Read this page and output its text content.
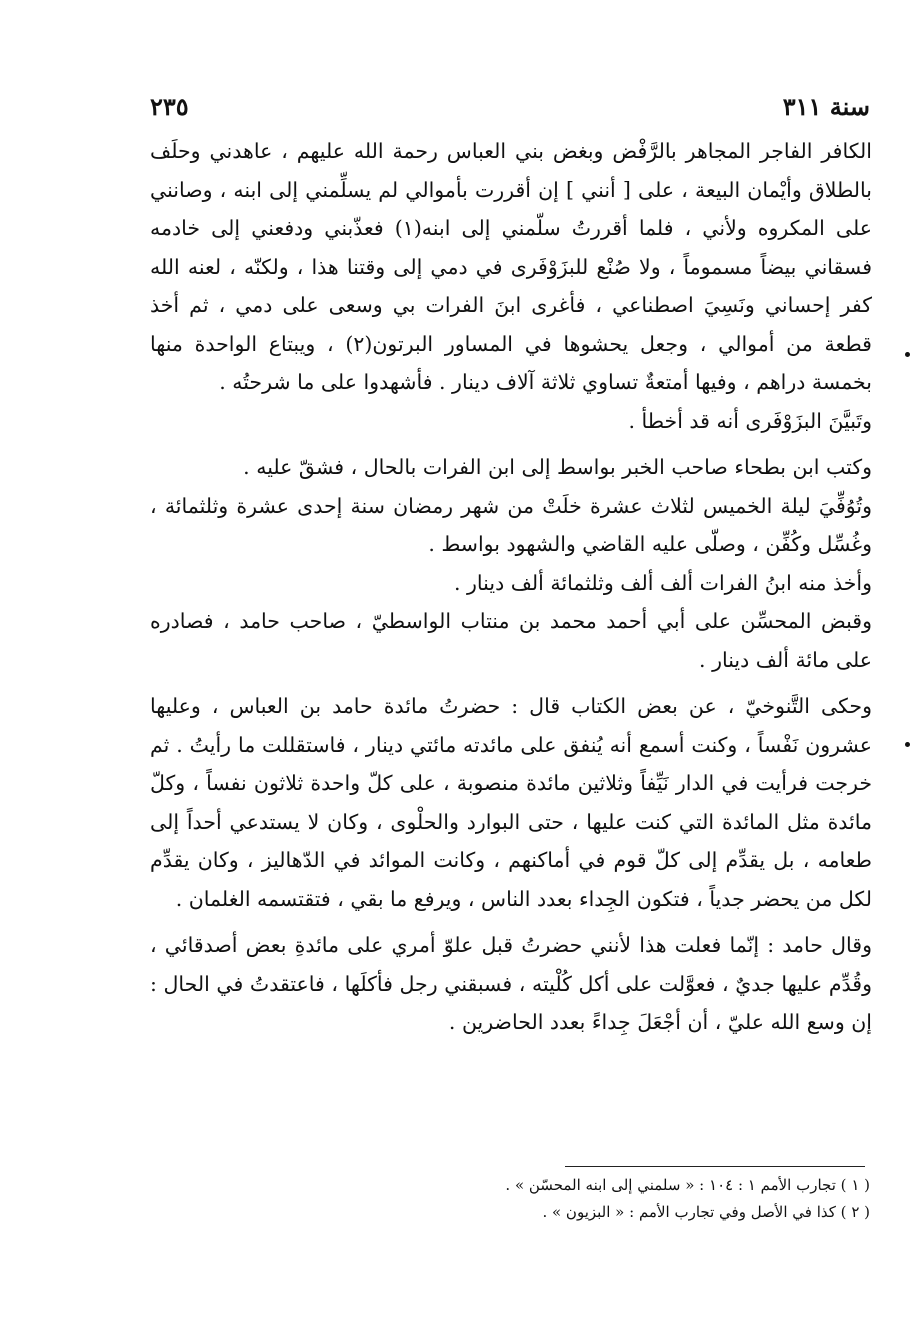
سنة ٣١١
٢٣٥

الكافر الفاجر المجاهر بالرَّفْض وبغض بني العباس رحمة الله عليهم ، عاهدني وحلَف بالطلاق وأيْمان البيعة ، على [ أنني ] إن أقررت بأموالي لم يسلِّمني إلى ابنه ، وصانني على المكروه ولأني ، فلما أقررتُ سلّمني إلى ابنه(١) فعذّبني ودفعني إلى خادمه فسقاني بيضاً مسموماً ، ولا صُنْع للبزَوْفَرى في دمي إلى وقتنا هذا ، ولكنّه ، لعنه الله كفر إحساني ونَسِيَ اصطناعي ، فأغرى ابنَ الفرات بي وسعى على دمي ، ثم أخذ قطعة من أموالي ، وجعل يحشوها في المساور البرتون(٢) ، ويبتاع الواحدة منها بخمسة دراهم ، وفيها أمتعةٌ تساوي ثلاثة آلاف دينار . فأشهدوا على ما شرحتُه .

وتَبيَّنَ البزَوْفَرى أنه قد أخطأ .

وكتب ابن بطحاء صاحب الخبر بواسط إلى ابن الفرات بالحال ، فشقّ عليه .

وتُوُفِّيَ ليلة الخميس لثلاث عشرة خلَتْ من شهر رمضان سنة إحدى عشرة وثلثمائة ، وغُسِّل وكُفِّن ، وصلّى عليه القاضي والشهود بواسط .

وأخذ منه ابنُ الفرات ألف ألف وثلثمائة ألف دينار .

وقبض المحسِّن على أبي أحمد محمد بن منتاب الواسطيّ ، صاحب حامد ، فصادره على مائة ألف دينار .

وحكى التَّنوخيّ ، عن بعض الكتاب قال : حضرتُ مائدة حامد بن العباس ، وعليها عشرون نَفْساً ، وكنت أسمع أنه يُنفق على مائدته مائتي دينار ، فاستقللت ما رأيتُ . ثم خرجت فرأيت في الدار نَيِّفاً وثلاثين مائدة منصوبة ، على كلّ واحدة ثلاثون نفساً ، وكلّ مائدة مثل المائدة التي كنت عليها ، حتى البوارد والحلْوى ، وكان لا يستدعي أحداً إلى طعامه ، بل يقدِّم إلى كلّ قوم في أماكنهم ، وكانت الموائد في الدّهاليز ، وكان يقدِّم لكل من يحضر جدياً ، فتكون الجِداء بعدد الناس ، ويرفع ما بقي ، فتقتسمه الغلمان .

وقال حامد : إنّما فعلت هذا لأنني حضرتُ قبل علوّ أمري على مائدةِ بعض أصدقائي ، وقُدِّم عليها جديٌ ، فعوَّلت على أكل كُلْيته ، فسبقني رجل فأكلَها ، فاعتقدتُ في الحال : إن وسع الله عليّ ، أن أجْعَلَ جِداءً بعدد الحاضرين .

( ١ ) تجارب الأمم ١ : ١٠٤ : « سلمني إلى ابنه المحسّن » .

( ٢ ) كذا في الأصل وفي تجارب الأمم : « البزيون » .
